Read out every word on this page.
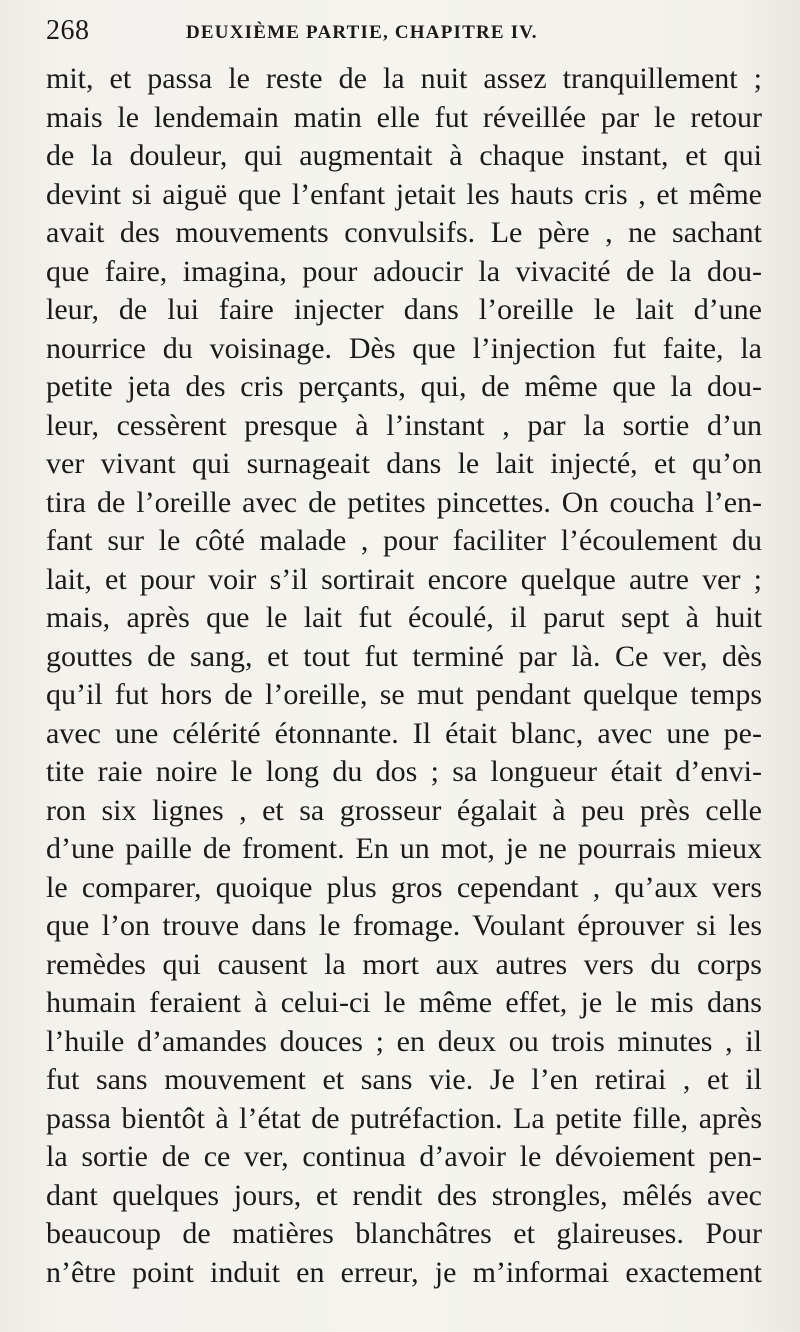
268	DEUXIÈME PARTIE, CHAPITRE IV.
mit, et passa le reste de la nuit assez tranquillement ;
mais le lendemain matin elle fut réveillée par le retour
de la douleur, qui augmentait à chaque instant, et qui
devint si aiguë que l’enfant jetait les hauts cris , et même
avait des mouvements convulsifs. Le père , ne sachant
que faire, imagina, pour adoucir la vivacité de la dou-
leur, de lui faire injecter dans l’oreille le lait d’une
nourrice du voisinage. Dès que l’injection fut faite, la
petite jeta des cris perçants, qui, de même que la dou-
leur, cessèrent presque à l’instant , par la sortie d’un
ver vivant qui surnageait dans le lait injecté, et qu’on
tira de l’oreille avec de petites pincettes. On coucha l’en-
fant sur le côté malade , pour faciliter l’écoulement du
lait, et pour voir s’il sortirait encore quelque autre ver ;
mais, après que le lait fut écoulé, il parut sept à huit
gouttes de sang, et tout fut terminé par là. Ce ver, dès
qu’il fut hors de l’oreille, se mut pendant quelque temps
avec une célérité étonnante. Il était blanc, avec une pe-
tite raie noire le long du dos ; sa longueur était d’envi-
ron six lignes , et sa grosseur égalait à peu près celle
d’une paille de froment. En un mot, je ne pourrais mieux
le comparer, quoique plus gros cependant , qu’aux vers
que l’on trouve dans le fromage. Voulant éprouver si les
remèdes qui causent la mort aux autres vers du corps
humain feraient à celui-ci le même effet, je le mis dans
l’huile d’amandes douces ; en deux ou trois minutes , il
fut sans mouvement et sans vie. Je l’en retirai , et il
passa bientôt à l’état de putréfaction. La petite fille, après
la sortie de ce ver, continua d’avoir le dévoiement pen-
dant quelques jours, et rendit des strongles, mêlés avec
beaucoup de matières blanchâtres et glaireuses. Pour
n’être point induit en erreur, je m’informai exactement
